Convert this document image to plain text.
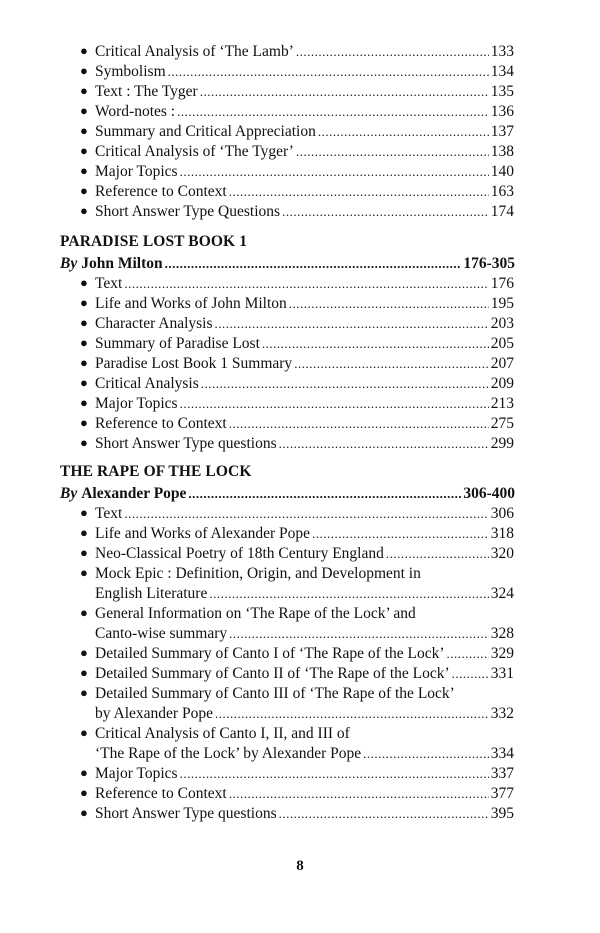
● Critical Analysis of ‘The Lamb’ .....	133
● Symbolism .....	134
● Text : The Tyger .....	135
● Word-notes : .....	136
● Summary and Critical Appreciation .....	137
● Critical Analysis of ‘The Tyger’ .....	138
● Major Topics .....	140
● Reference to Context .....	163
● Short Answer Type Questions .....	174
PARADISE LOST BOOK 1
By John Milton .....	176-305
● Text .....	176
● Life and Works of John Milton .....	195
● Character Analysis .....	203
● Summary of Paradise Lost .....	205
● Paradise Lost Book 1 Summary .....	207
● Critical Analysis .....	209
● Major Topics .....	213
● Reference to Context .....	275
● Short Answer Type questions .....	299
THE RAPE OF THE LOCK
By Alexander Pope .....	306-400
● Text .....	306
● Life and Works of Alexander Pope .....	318
● Neo-Classical Poetry of 18th Century England .....	320
● Mock Epic : Definition, Origin, and Development in
English Literature .....	324
● General Information on ‘The Rape of the Lock’ and
Canto-wise summary .....	328
● Detailed Summary of Canto I of ‘The Rape of the Lock’ .....	329
● Detailed Summary of Canto II of ‘The Rape of the Lock’ .....	331
● Detailed Summary of Canto III of ‘The Rape of the Lock’
by Alexander Pope .....	332
● Critical Analysis of Canto I, II, and III of
‘The Rape of the Lock’ by Alexander Pope .....	334
● Major Topics .....	337
● Reference to Context .....	377
● Short Answer Type questions .....	395
8
